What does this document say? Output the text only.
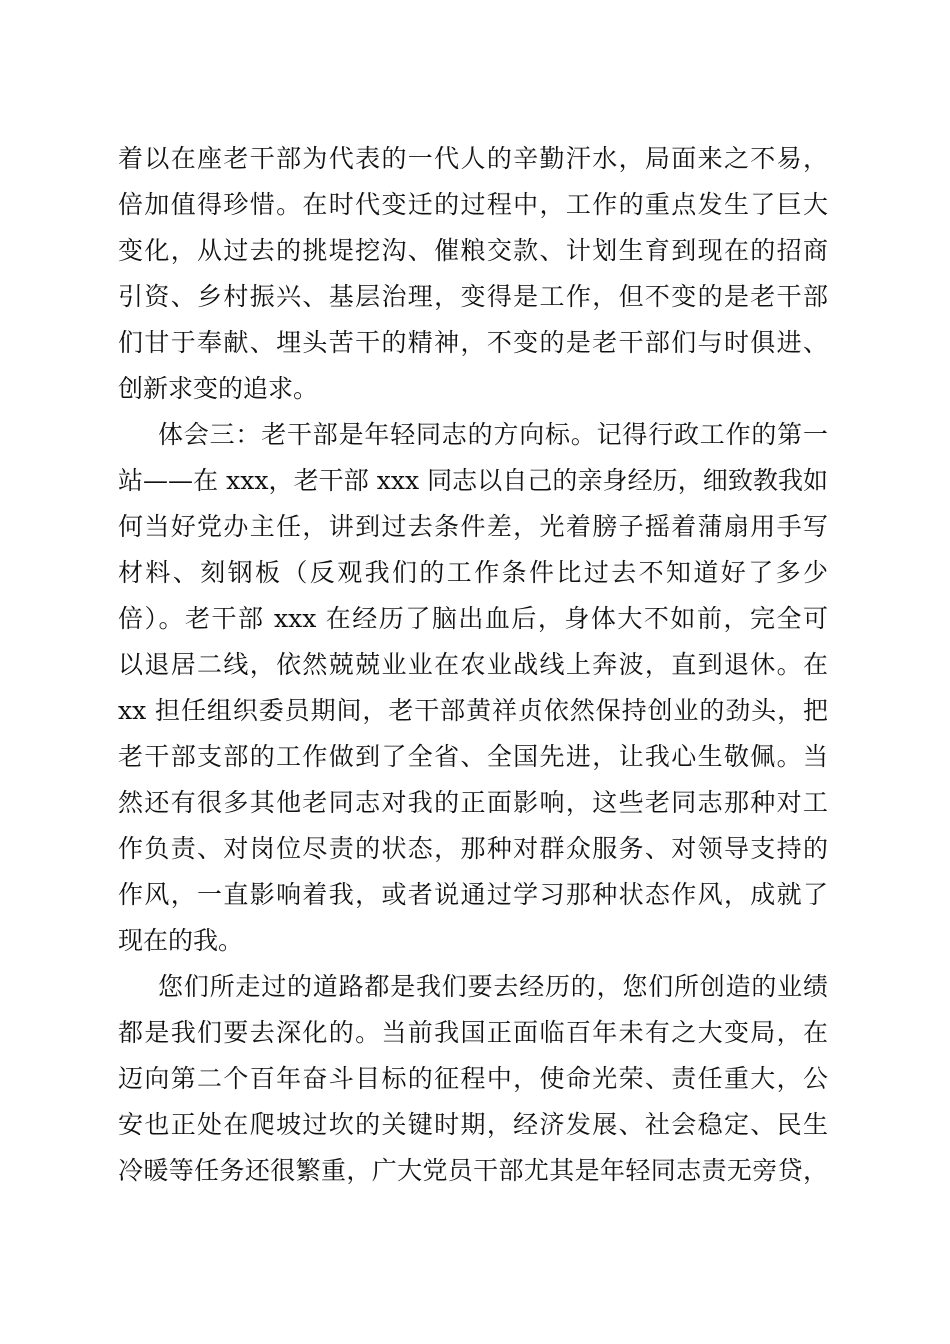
着以在座老干部为代表的一代人的辛勤汗水，局面来之不易，
倍加值得珍惜。在时代变迁的过程中，工作的重点发生了巨大
变化，从过去的挑堤挖沟、催粮交款、计划生育到现在的招商
引资、乡村振兴、基层治理，变得是工作，但不变的是老干部
们甘于奉献、埋头苦干的精神，不变的是老干部们与时俱进、
创新求变的追求。
体会三：老干部是年轻同志的方向标。记得行政工作的第一
站——在 xxx，老干部 xxx 同志以自己的亲身经历，细致教我如
何当好党办主任，讲到过去条件差，光着膀子摇着蒲扇用手写
材料、刻钢板（反观我们的工作条件比过去不知道好了多少
倍）。老干部 xxx 在经历了脑出血后，身体大不如前，完全可
以退居二线，依然兢兢业业在农业战线上奔波，直到退休。在
xx 担任组织委员期间，老干部黄祥贞依然保持创业的劲头，把
老干部支部的工作做到了全省、全国先进，让我心生敬佩。当
然还有很多其他老同志对我的正面影响，这些老同志那种对工
作负责、对岗位尽责的状态，那种对群众服务、对领导支持的
作风，一直影响着我，或者说通过学习那种状态作风，成就了
现在的我。
您们所走过的道路都是我们要去经历的，您们所创造的业绩
都是我们要去深化的。当前我国正面临百年未有之大变局，在
迈向第二个百年奋斗目标的征程中，使命光荣、责任重大，公
安也正处在爬坡过坎的关键时期，经济发展、社会稳定、民生
冷暖等任务还很繁重，广大党员干部尤其是年轻同志责无旁贷，
